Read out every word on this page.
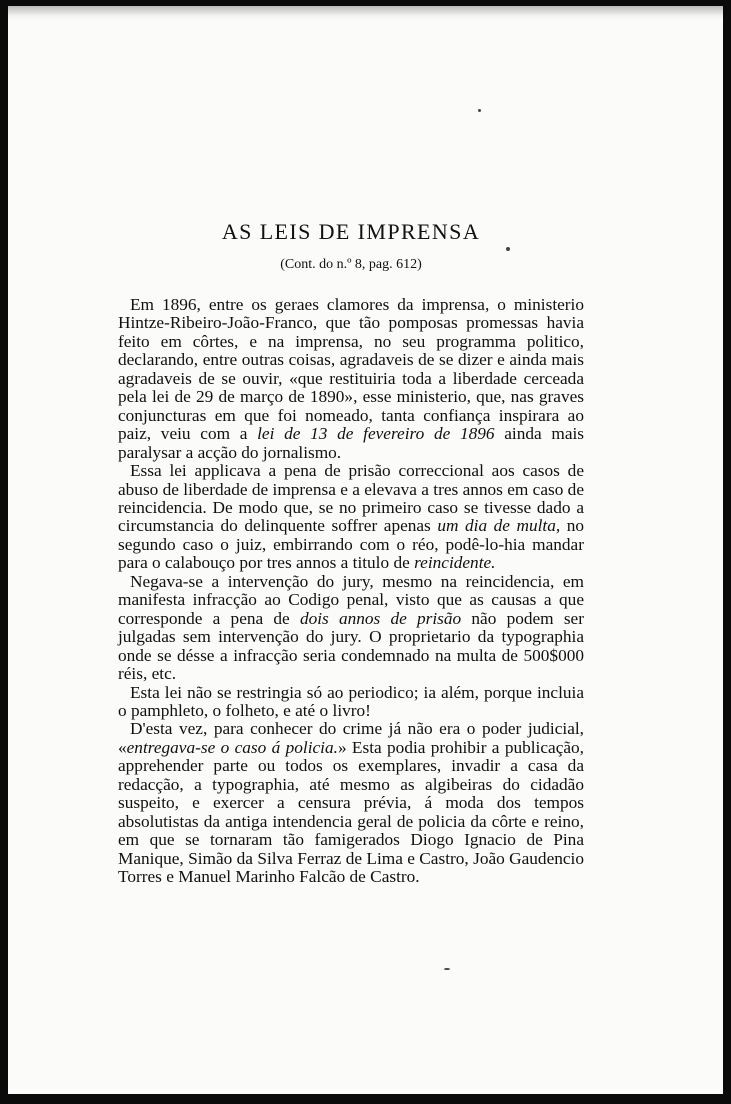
AS LEIS DE IMPRENSA
(Cont. do n.º 8, pag. 612)

Em 1896, entre os geraes clamores da imprensa, o ministerio Hintze-Ribeiro-João-Franco, que tão pomposas promessas havia feito em côrtes, e na imprensa, no seu programma politico, declarando, entre outras coisas, agradaveis de se dizer e ainda mais agradaveis de se ouvir, «que restituiria toda a liberdade cerceada pela lei de 29 de março de 1890», esse ministerio, que, nas graves conjuncturas em que foi nomeado, tanta confiança inspirara ao paiz, veiu com a lei de 13 de fevereiro de 1896 ainda mais paralysar a acção do jornalismo.

Essa lei applicava a pena de prisão correccional aos casos de abuso de liberdade de imprensa e a elevava a tres annos em caso de reincidencia. De modo que, se no primeiro caso se tivesse dado a circumstancia do delinquente soffrer apenas um dia de multa, no segundo caso o juiz, embirrando com o réo, podê-lo-hia mandar para o calabouço por tres annos a titulo de reincidente.

Negava-se a intervenção do jury, mesmo na reincidencia, em manifesta infracção ao Codigo penal, visto que as causas a que corresponde a pena de dois annos de prisão não podem ser julgadas sem intervenção do jury. O proprietario da typographia onde se désse a infracção seria condemnado na multa de 500$000 réis, etc.

Esta lei não se restringia só ao periodico; ia além, porque incluia o pamphleto, o folheto, e até o livro!

D'esta vez, para conhecer do crime já não era o poder judicial, «entregava-se o caso á policia.» Esta podia prohibir a publicação, apprehender parte ou todos os exemplares, invadir a casa da redacção, a typographia, até mesmo as algibeiras do cidadão suspeito, e exercer a censura prévia, á moda dos tempos absolutistas da antiga intendencia geral de policia da côrte e reino, em que se tornaram tão famigerados Diogo Ignacio de Pina Manique, Simão da Silva Ferraz de Lima e Castro, João Gaudencio Torres e Manuel Marinho Falcão de Castro.
